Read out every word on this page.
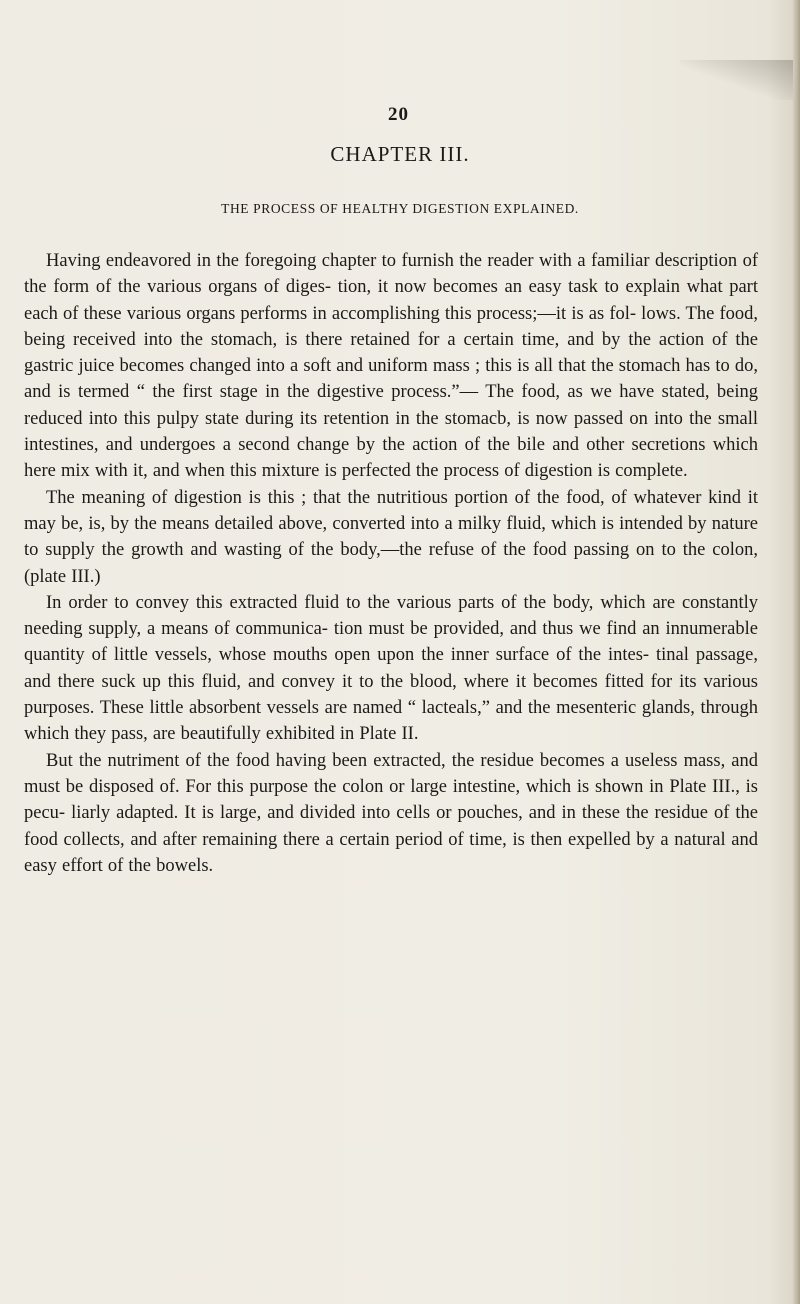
20
CHAPTER III.
THE PROCESS OF HEALTHY DIGESTION EXPLAINED.

Having endeavored in the foregoing chapter to furnish the reader with a familiar description of the form of the various organs of diges- tion, it now becomes an easy task to explain what part each of these various organs performs in accomplishing this process;—it is as fol- lows. The food, being received into the stomach, is there retained for a certain time, and by the action of the gastric juice becomes changed into a soft and uniform mass ; this is all that the stomach has to do, and is termed “ the first stage in the digestive process.”— The food, as we have stated, being reduced into this pulpy state during its retention in the stomacb, is now passed on into the small intestines, and undergoes a second change by the action of the bile and other secretions which here mix with it, and when this mixture is perfected the process of digestion is complete.

The meaning of digestion is this ; that the nutritious portion of the food, of whatever kind it may be, is, by the means detailed above, converted into a milky fluid, which is intended by nature to supply the growth and wasting of the body,—the refuse of the food passing on to the colon, (plate III.)

In order to convey this extracted fluid to the various parts of the body, which are constantly needing supply, a means of communica- tion must be provided, and thus we find an innumerable quantity of little vessels, whose mouths open upon the inner surface of the intes- tinal passage, and there suck up this fluid, and convey it to the blood, where it becomes fitted for its various purposes. These little absorbent vessels are named “ lacteals,” and the mesenteric glands, through which they pass, are beautifully exhibited in Plate II.

But the nutriment of the food having been extracted, the residue becomes a useless mass, and must be disposed of. For this purpose the colon or large intestine, which is shown in Plate III., is pecu- liarly adapted. It is large, and divided into cells or pouches, and in these the residue of the food collects, and after remaining there a certain period of time, is then expelled by a natural and easy effort of the bowels.
